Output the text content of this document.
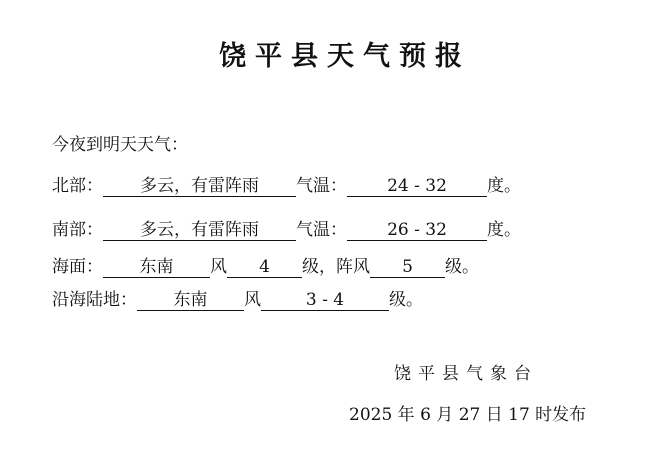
饶平县天气预报
今夜到明天天气：
北部： 多云，有雷阵雨 气温： 24 - 32 度。
南部： 多云，有雷阵雨 气温： 26 - 32 度。
海面： 东南 风 4 级，阵风 5 级。
沿海陆地： 东南 风	3 - 4	级。
饶平县气象台
2025 年 6 月 27 日 17 时发布
